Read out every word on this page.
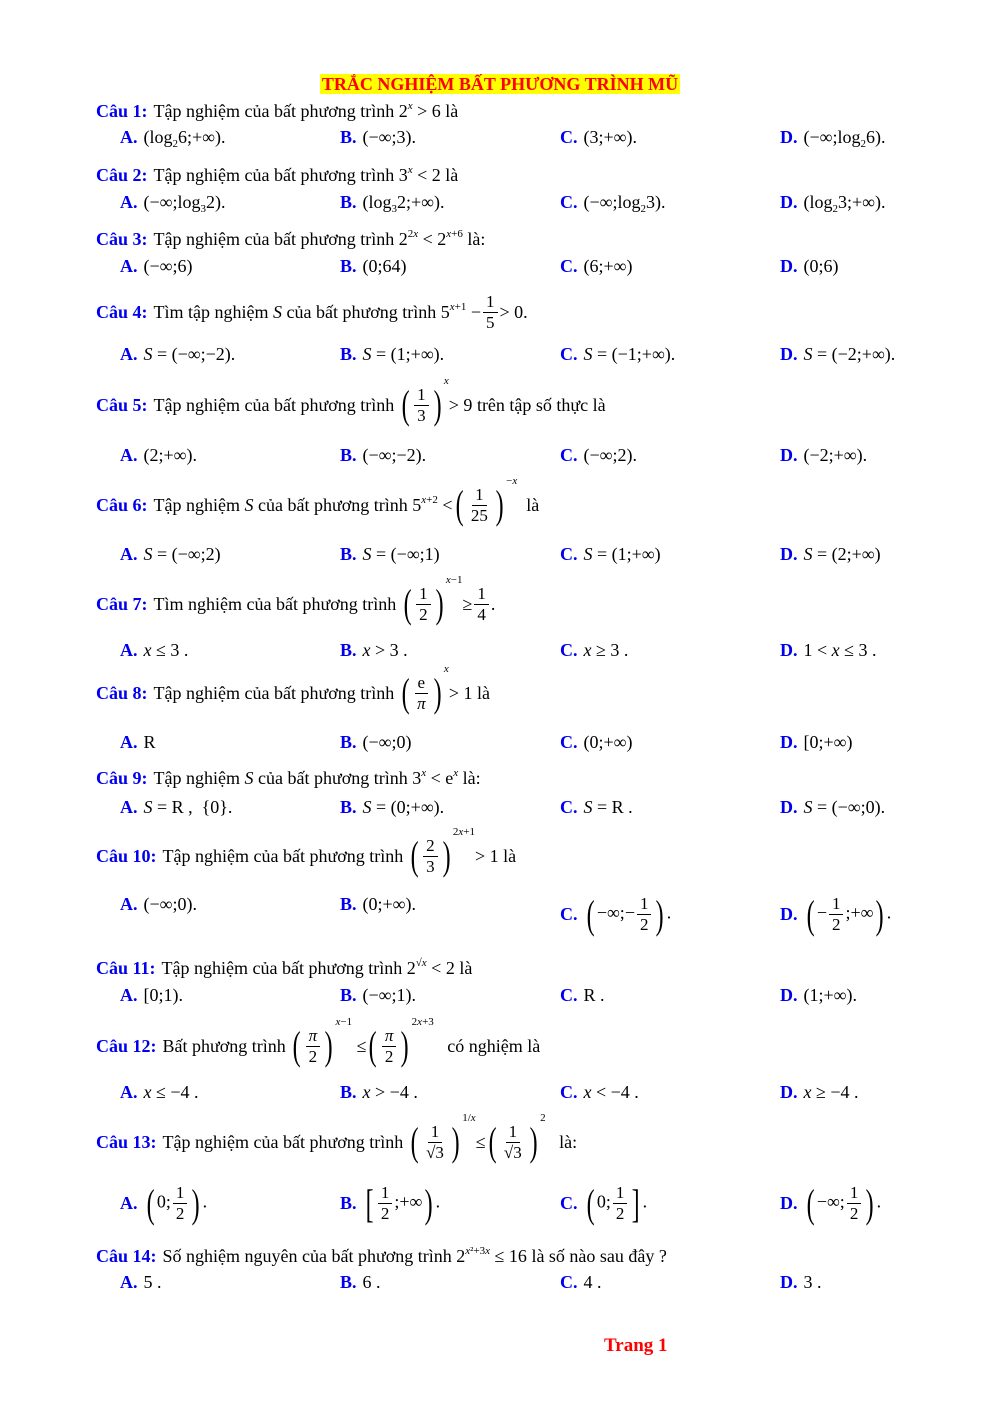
TRẮC NGHIỆM BẤT PHƯƠNG TRÌNH MŨ
Câu 1: Tập nghiệm của bất phương trình
$2^x > 6$
là
A. $(\log_26;+\infty)$.	B. (−∞;3).	C. (3;+∞).	D. $(-\infty;\log_26)$.
Câu 2: Tập nghiệm của bất phương trình
$3^x < 2$
là
A. $(-\infty;\log_32)$.	B. $(\log_32;+\infty)$.	C. $(-\infty;\log_23)$.	D. $(\log_23;+\infty)$.
Câu 3: Tập nghiệm của bất phương trình
$2^{2x} < 2^{x+6}$
là:
A. (−∞;6)	B. (0;64)	C. (6;+∞)	D. (0;6)
Câu 4: Tìm tập nghiệm
S
của bất phương trình
$5^{x+1} - \frac{1}{5} > 0$ .
A. S = (−∞;−2).	B. S = (1;+∞).	C. S = (−1;+∞).	D. S = (−2;+∞).
Câu 5: Tập nghiệm của bất phương trình
( $\frac{1}{3}$ )
$^x$
> 9
trên tập số thực là
A. (2;+∞).	B. (−∞;−2).	C. (−∞;2).	D. (−2;+∞).
Câu 6: Tập nghiệm
S
của bất phương trình
$5^{x+2}$ < ( $\frac{1}{25}$ )
$^{-x}$

là
A. S = (−∞;2)	B. S = (−∞;1)	C. S = (1;+∞)	D. S = (2;+∞)
Câu 7: Tìm nghiệm của bất phương trình
( $\frac{1}{2}$ )
$^{x-1}$
≥ $\frac{1}{4}$ .
A. x ≤ 3 .	B. x > 3 .	C. x ≥ 3 .	D. 1 < x ≤ 3 .
Câu 8: Tập nghiệm của bất phương trình
( $\frac{e}{\pi}$ )
$^x$
> 1
là
A. R	B. (−∞;0)	C. (0;+∞)	D. [0;+∞)
Câu 9: Tập nghiệm
S
của bất phương trình
$3^x < e^x$
là:
A. S = R ,  {0}.	B. S = (0;+∞).	C. S = R .	D. S = (−∞;0).
Câu 10: Tập nghiệm của bất phương trình
( $\frac{2}{3}$ )
$^{2x+1}$
> 1
là
A. (−∞;0).	B. (0;+∞).	C. ( −∞;− $\frac{1}{2}$ ) .	D. ( − $\frac{1}{2}$ ;+∞) .
Câu 11: Tập nghiệm của bất phương trình
$2^{√x} < 2$
là
A. [0;1).	B. (−∞;1).	C. R .	D. (1;+∞).
Câu 12: Bất phương trình
( $\frac{\pi}{2}$ )
$^{x-1}$
≤ ( $\frac{\pi}{2}$ )
$^{2x+3}$

có nghiệm là
A. x ≤ −4 .	B. x > −4 .	C. x < −4 .	D. x ≥ −4 .
Câu 13: Tập nghiệm của bất phương trình
( $\frac{1}{√3}$ )
$^{1/x}$
≤ ( $\frac{1}{√3}$ )
$^2$

là:
A. ( 0; $\frac{1}{2}$ ) .	B. [ $\frac{1}{2}$ ;+∞) .	C. ( 0; $\frac{1}{2}$ ] .	D. ( −∞; $\frac{1}{2}$ ) .
Câu 14: Số nghiệm nguyên của bất phương trình
$2^{x^2+3x} \le 16$
là số nào sau đây ?
A. 5 .	B. 6 .	C. 4 .	D. 3 .
Trang 1
